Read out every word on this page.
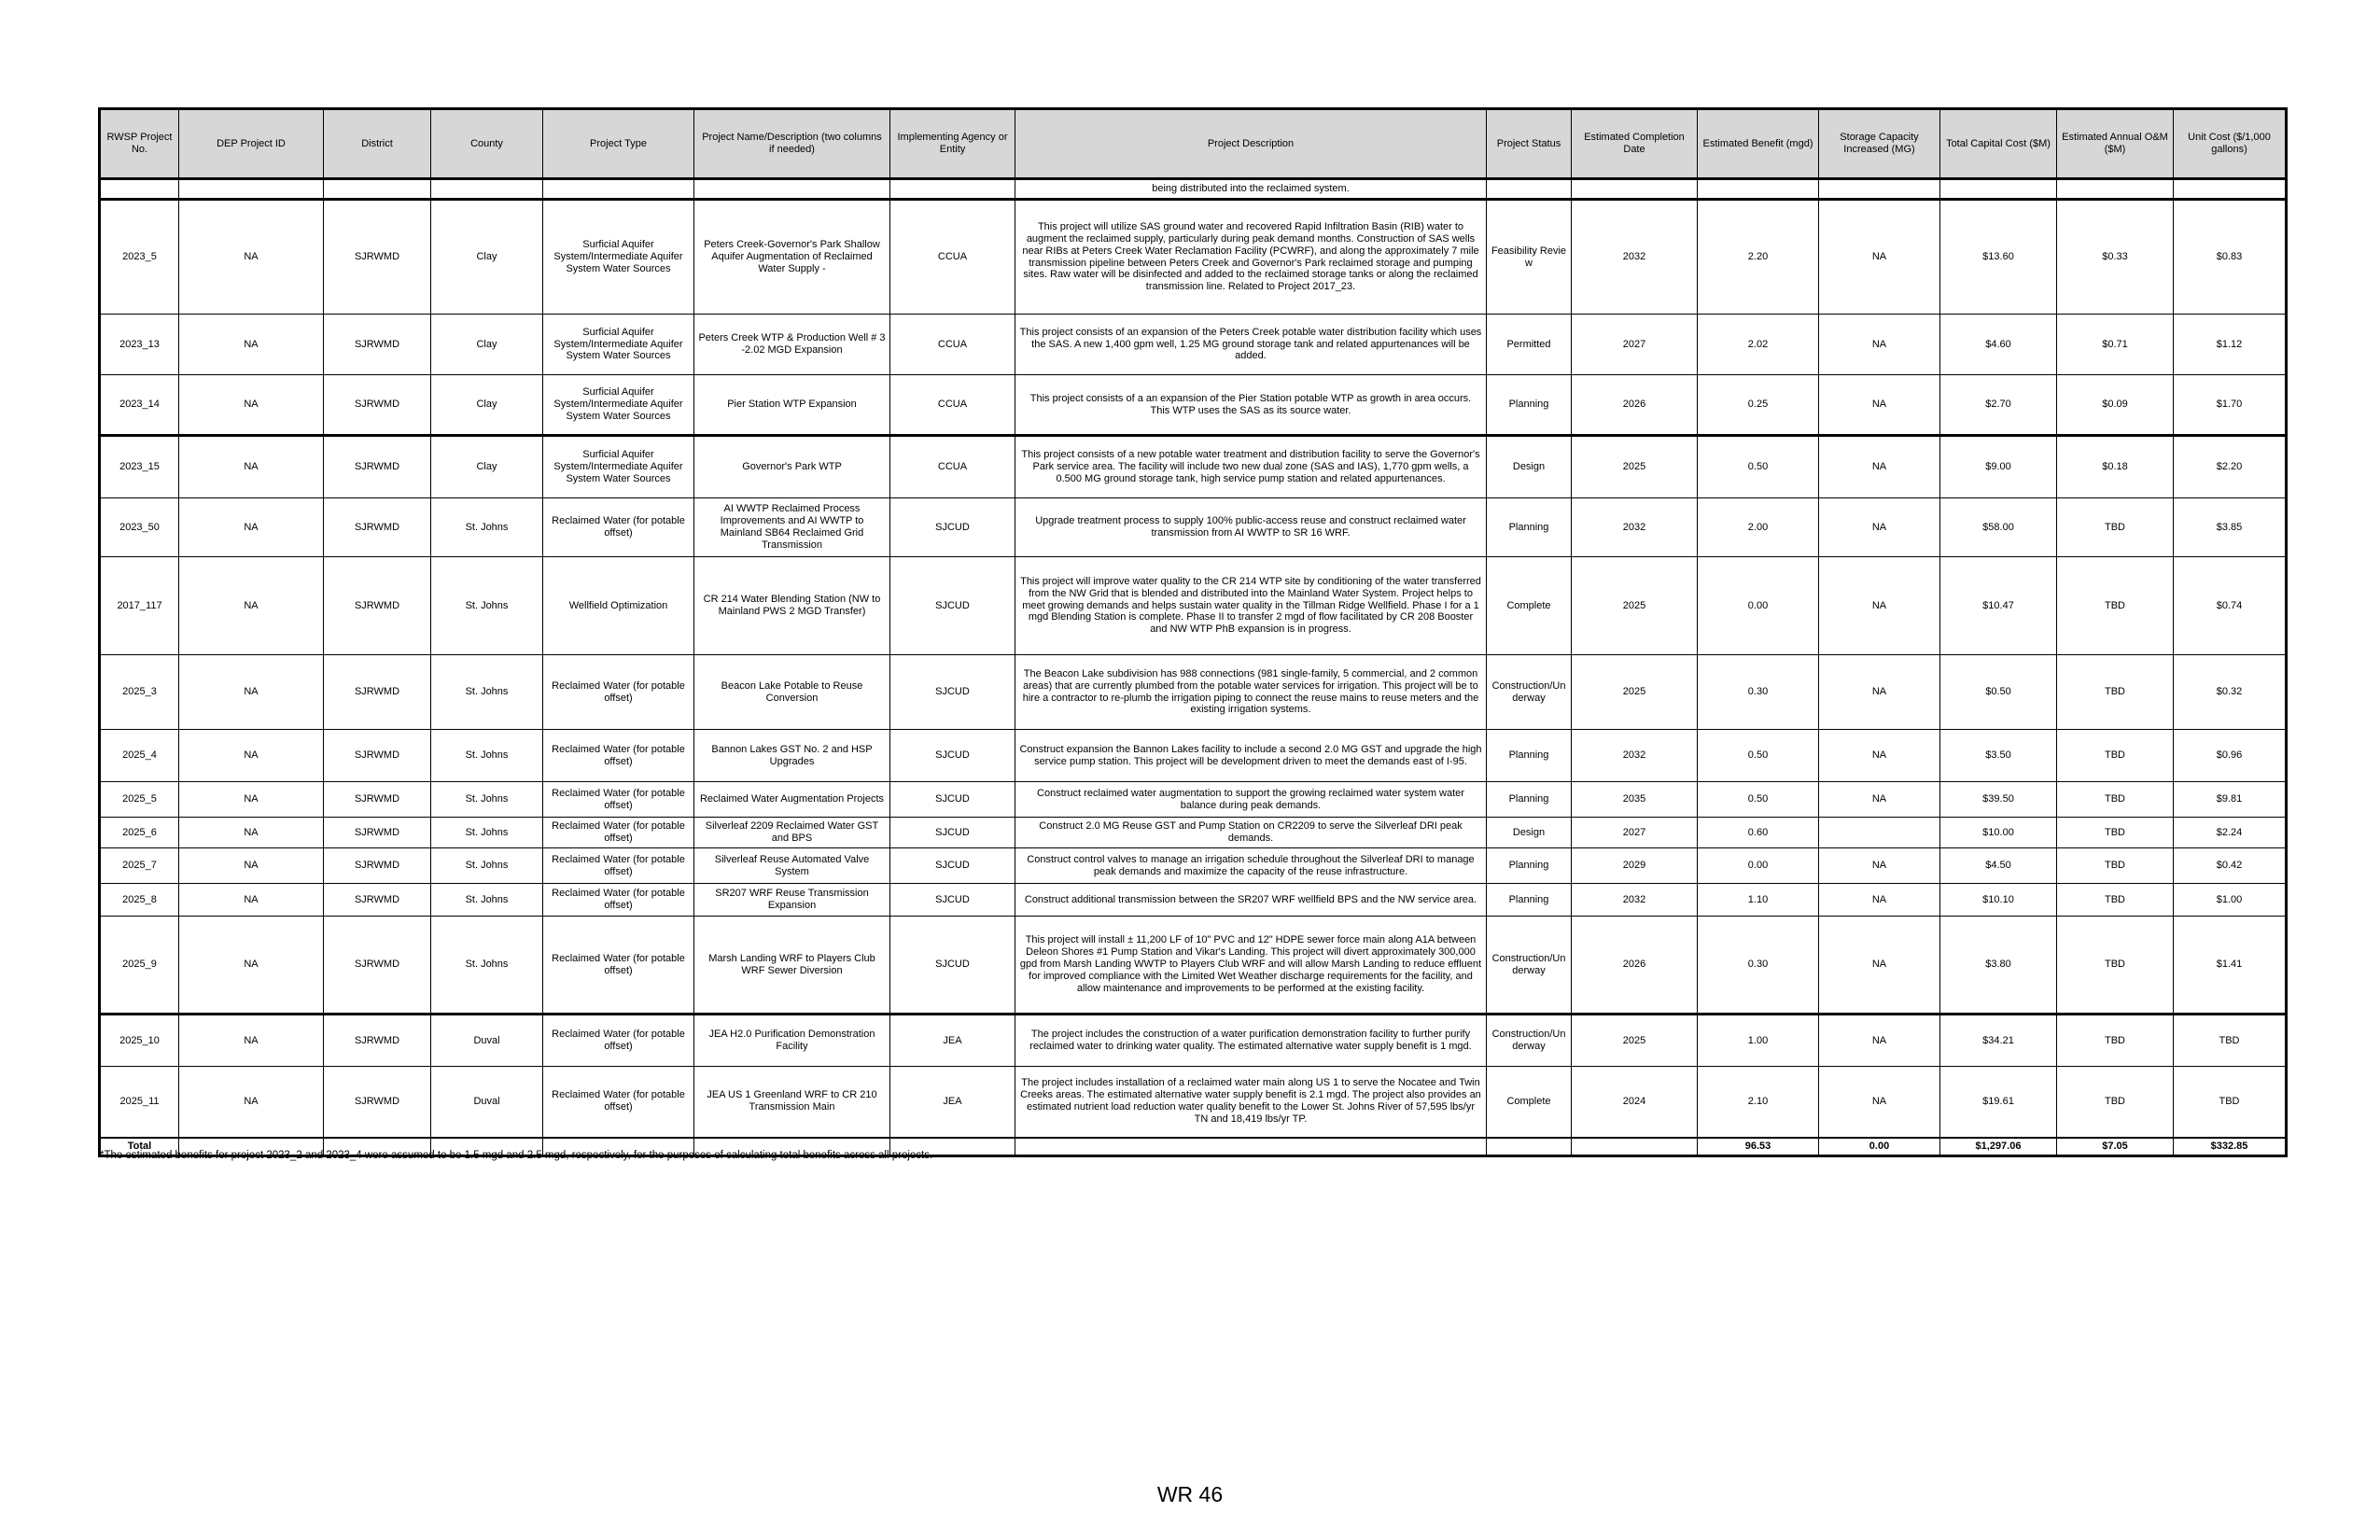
RWSP Project No.	DEP Project ID	District	County	Project Type	Project Name/Description (two columns if needed)	Implementing Agency or Entity	Project Description	Project Status	Estimated Completion Date	Estimated Benefit (mgd)	Storage Capacity Increased (MG)	Total Capital Cost ($M)	Estimated Annual O&M ($M)	Unit Cost ($/1,000 gallons)
							being distributed into the reclaimed system.							
2023_5	NA	SJRWMD	Clay	Surficial Aquifer System/Intermediate Aquifer System Water Sources	Peters Creek-Governor's Park Shallow Aquifer Augmentation of Reclaimed Water Supply -	CCUA	This project will utilize SAS ground water and recovered Rapid Infiltration Basin (RIB) water to augment the reclaimed supply, particularly during peak demand months. Construction of SAS wells near RIBs at Peters Creek Water Reclamation Facility (PCWRF), and along the approximately 7 mile transmission pipeline between Peters Creek and Governor's Park reclaimed storage and pumping sites. Raw water will be disinfected and added to the reclaimed storage tanks or along the reclaimed transmission line. Related to Project 2017_23.	Feasibility Review	2032	2.20	NA	$13.60	$0.33	$0.83
2023_13	NA	SJRWMD	Clay	Surficial Aquifer System/Intermediate Aquifer System Water Sources	Peters Creek WTP & Production Well # 3 -2.02 MGD Expansion	CCUA	This project consists of an expansion of the Peters Creek potable water distribution facility which uses the SAS. A new 1,400 gpm well, 1.25 MG ground storage tank and related appurtenances will be added.	Permitted	2027	2.02	NA	$4.60	$0.71	$1.12
2023_14	NA	SJRWMD	Clay	Surficial Aquifer System/Intermediate Aquifer System Water Sources	Pier Station WTP Expansion	CCUA	This project consists of a an expansion of the Pier Station potable WTP as growth in area occurs. This WTP uses the SAS as its source water.	Planning	2026	0.25	NA	$2.70	$0.09	$1.70
2023_15	NA	SJRWMD	Clay	Surficial Aquifer System/Intermediate Aquifer System Water Sources	Governor's Park WTP	CCUA	This project consists of a new potable water treatment and distribution facility to serve the Governor's Park service area. The facility will include two new dual zone (SAS and IAS), 1,770 gpm wells, a 0.500 MG ground storage tank, high service pump station and related appurtenances.	Design	2025	0.50	NA	$9.00	$0.18	$2.20
2023_50	NA	SJRWMD	St. Johns	Reclaimed Water (for potable offset)	AI WWTP Reclaimed Process Improvements and AI WWTP to Mainland SB64 Reclaimed Grid Transmission	SJCUD	Upgrade treatment process to supply 100% public-access reuse and construct reclaimed water transmission from AI WWTP to SR 16 WRF.	Planning	2032	2.00	NA	$58.00	TBD	$3.85
2017_117	NA	SJRWMD	St. Johns	Wellfield Optimization	CR 214 Water Blending Station (NW to Mainland PWS 2 MGD Transfer)	SJCUD	This project will improve water quality to the CR 214 WTP site by conditioning of the water transferred from the NW Grid that is blended and distributed into the Mainland Water System. Project helps to meet growing demands and helps sustain water quality in the Tillman Ridge Wellfield. Phase I for a 1 mgd Blending Station is complete. Phase II to transfer 2 mgd of flow facilitated by CR 208 Booster and NW WTP PhB expansion is in progress.	Complete	2025	0.00	NA	$10.47	TBD	$0.74
2025_3	NA	SJRWMD	St. Johns	Reclaimed Water (for potable offset)	Beacon Lake Potable to Reuse Conversion	SJCUD	The Beacon Lake subdivision has 988 connections (981 single-family, 5 commercial, and 2 common areas) that are currently plumbed from the potable water services for irrigation. This project will be to hire a contractor to re-plumb the irrigation piping to connect the reuse mains to reuse meters and the existing irrigation systems.	Construction/Underway	2025	0.30	NA	$0.50	TBD	$0.32
2025_4	NA	SJRWMD	St. Johns	Reclaimed Water (for potable offset)	Bannon Lakes GST No. 2 and HSP Upgrades	SJCUD	Construct expansion the Bannon Lakes facility to include a second 2.0 MG GST and upgrade the high service pump station. This project will be development driven to meet the demands east of I-95.	Planning	2032	0.50	NA	$3.50	TBD	$0.96
2025_5	NA	SJRWMD	St. Johns	Reclaimed Water (for potable offset)	Reclaimed Water Augmentation Projects	SJCUD	Construct reclaimed water augmentation to support the growing reclaimed water system water balance during peak demands.	Planning	2035	0.50	NA	$39.50	TBD	$9.81
2025_6	NA	SJRWMD	St. Johns	Reclaimed Water (for potable offset)	Silverleaf 2209 Reclaimed Water GST and BPS	SJCUD	Construct 2.0 MG Reuse GST and Pump Station on CR2209 to serve the Silverleaf DRI peak demands.	Design	2027	0.60		$10.00	TBD	$2.24
2025_7	NA	SJRWMD	St. Johns	Reclaimed Water (for potable offset)	Silverleaf Reuse Automated Valve System	SJCUD	Construct control valves to manage an irrigation schedule throughout the Silverleaf DRI to manage peak demands and maximize the capacity of the reuse infrastructure.	Planning	2029	0.00	NA	$4.50	TBD	$0.42
2025_8	NA	SJRWMD	St. Johns	Reclaimed Water (for potable offset)	SR207 WRF Reuse Transmission Expansion	SJCUD	Construct additional transmission between the SR207 WRF wellfield BPS and the NW service area.	Planning	2032	1.10	NA	$10.10	TBD	$1.00
2025_9	NA	SJRWMD	St. Johns	Reclaimed Water (for potable offset)	Marsh Landing WRF to Players Club WRF Sewer Diversion	SJCUD	This project will install ± 11,200 LF of 10" PVC and 12" HDPE sewer force main along A1A between Deleon Shores #1 Pump Station and Vikar's Landing. This project will divert approximately 300,000 gpd from Marsh Landing WWTP to Players Club WRF and will allow Marsh Landing to reduce effluent for improved compliance with the Limited Wet Weather discharge requirements for the facility, and allow maintenance and improvements to be performed at the existing facility.	Construction/Underway	2026	0.30	NA	$3.80	TBD	$1.41
2025_10	NA	SJRWMD	Duval	Reclaimed Water (for potable offset)	JEA H2.0 Purification Demonstration Facility	JEA	The project includes the construction of a water purification demonstration facility to further purify reclaimed water to drinking water quality. The estimated alternative water supply benefit is 1 mgd.	Construction/Underway	2025	1.00	NA	$34.21	TBD	TBD
2025_11	NA	SJRWMD	Duval	Reclaimed Water (for potable offset)	JEA US 1 Greenland WRF to CR 210 Transmission Main	JEA	The project includes installation of a reclaimed water main along US 1 to serve the Nocatee and Twin Creeks areas. The estimated alternative water supply benefit is 2.1 mgd. The project also provides an estimated nutrient load reduction water quality benefit to the Lower St. Johns River of 57,595 lbs/yr TN and 18,419 lbs/yr TP.	Complete	2024	2.10	NA	$19.61	TBD	TBD
Total										96.53	0.00	$1,297.06	$7.05	$332.85
*The estimated benefits for project 2023_2 and 2023_4 were assumed to be 1.5 mgd and 2.5 mgd, respectively, for the purposes of calculating total benefits across all projects.
WR 46
